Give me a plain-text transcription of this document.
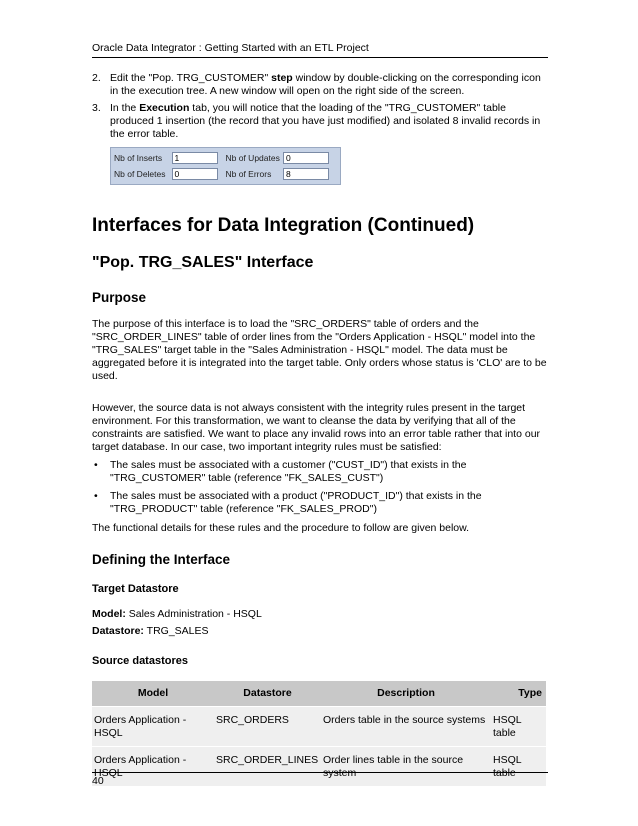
Oracle Data Integrator : Getting Started with an ETL Project
2. Edit the "Pop. TRG_CUSTOMER" step window by double-clicking on the corresponding icon in the execution tree. A new window will open on the right side of the screen.
3. In the Execution tab, you will notice that the loading of the "TRG_CUSTOMER" table produced 1 insertion (the record that you have just modified) and isolated 8 invalid records in the error table.
Nb of Inserts	1	Nb of Updates 0
Nb of Deletes	0	Nb of Errors	8
Interfaces for Data Integration (Continued)
"Pop. TRG_SALES" Interface
Purpose

The purpose of this interface is to load the "SRC_ORDERS" table of orders and the "SRC_ORDER_LINES" table of order lines from the "Orders Application - HSQL" model into the "TRG_SALES" target table in the "Sales Administration - HSQL" model. The data must be aggregated before it is integrated into the target table. Only orders whose status is 'CLO' are to be used.

However, the source data is not always consistent with the integrity rules present in the target environment. For this transformation, we want to cleanse the data by verifying that all of the constraints are satisfied. We want to place any invalid rows into an error table rather that into our target database. In our case, two important integrity rules must be satisfied:

• The sales must be associated with a customer ("CUST_ID") that exists in the "TRG_CUSTOMER" table (reference "FK_SALES_CUST")
• The sales must be associated with a product ("PRODUCT_ID") that exists in the "TRG_PRODUCT" table (reference "FK_SALES_PROD")

The functional details for these rules and the procedure to follow are given below.

Defining the Interface
Target Datastore
Model: Sales Administration - HSQL
Datastore: TRG_SALES
Source datastores
Model	Datastore	Description	Type
Orders Application - HSQL	SRC_ORDERS	Orders table in the source systems	HSQL table
Orders Application - HSQL	SRC_ORDER_LINES	Order lines table in the source system	HSQL table
40
